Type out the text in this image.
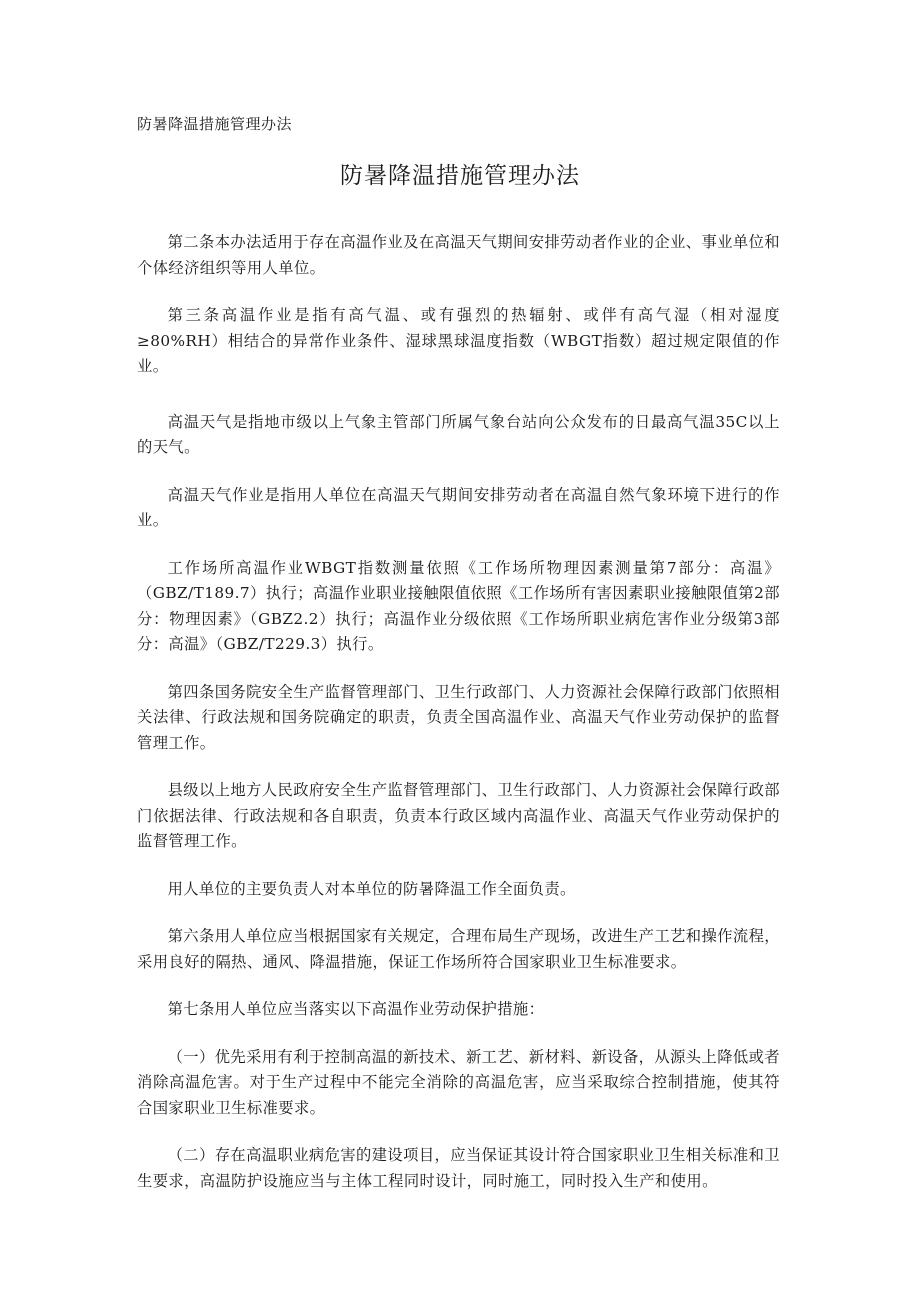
防暑降温措施管理办法
防暑降温措施管理办法

第二条本办法适用于存在高温作业及在高温天气期间安排劳动者作业的企业、事业单位和个体经济组织等用人单位。

第三条高温作业是指有高气温、或有强烈的热辐射、或伴有高气湿（相对湿度≥80%RH）相结合的异常作业条件、湿球黑球温度指数（WBGT指数）超过规定限值的作业。

高温天气是指地市级以上气象主管部门所属气象台站向公众发布的日最高气温35C以上的天气。

高温天气作业是指用人单位在高温天气期间安排劳动者在高温自然气象环境下进行的作业。

工作场所高温作业WBGT指数测量依照《工作场所物理因素测量第7部分：高温》（GBZ/T189.7）执行；高温作业职业接触限值依照《工作场所有害因素职业接触限值第2部分：物理因素》（GBZ2.2）执行；高温作业分级依照《工作场所职业病危害作业分级第3部分：高温》（GBZ/T229.3）执行。

第四条国务院安全生产监督管理部门、卫生行政部门、人力资源社会保障行政部门依照相关法律、行政法规和国务院确定的职责，负责全国高温作业、高温天气作业劳动保护的监督管理工作。

县级以上地方人民政府安全生产监督管理部门、卫生行政部门、人力资源社会保障行政部门依据法律、行政法规和各自职责，负责本行政区域内高温作业、高温天气作业劳动保护的监督管理工作。

用人单位的主要负责人对本单位的防暑降温工作全面负责。

第六条用人单位应当根据国家有关规定，合理布局生产现场，改进生产工艺和操作流程，采用良好的隔热、通风、降温措施，保证工作场所符合国家职业卫生标准要求。

第七条用人单位应当落实以下高温作业劳动保护措施：

（一）优先采用有利于控制高温的新技术、新工艺、新材料、新设备，从源头上降低或者消除高温危害。对于生产过程中不能完全消除的高温危害，应当采取综合控制措施，使其符合国家职业卫生标准要求。

（二）存在高温职业病危害的建设项目，应当保证其设计符合国家职业卫生相关标准和卫生要求，高温防护设施应当与主体工程同时设计，同时施工，同时投入生产和使用。
